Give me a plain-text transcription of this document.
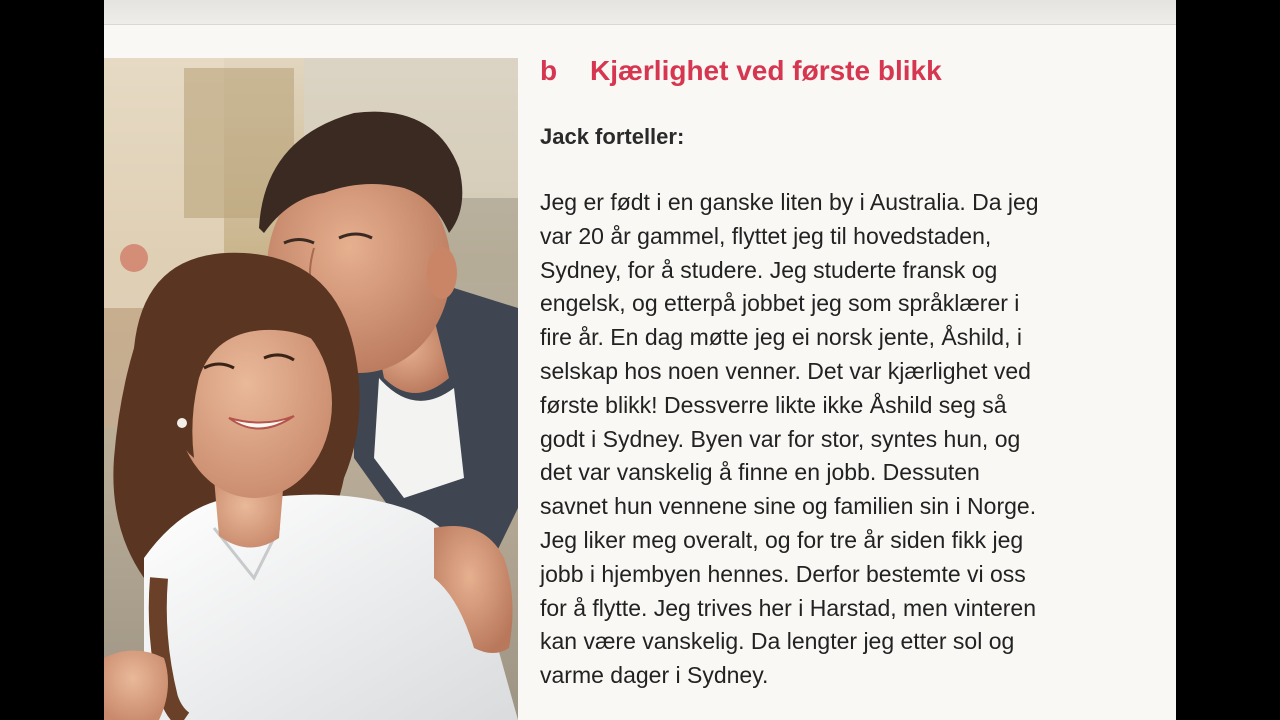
b Kjærlighet ved første blikk
Jack forteller:
Jeg er født i en ganske liten by i Australia. Da jeg
var 20 år gammel, flyttet jeg til hovedstaden,
Sydney, for å studere. Jeg studerte fransk og
engelsk, og etterpå jobbet jeg som språklærer i
fire år. En dag møtte jeg ei norsk jente, Åshild, i
selskap hos noen venner. Det var kjærlighet ved
første blikk! Dessverre likte ikke Åshild seg så
godt i Sydney. Byen var for stor, syntes hun, og
det var vanskelig å finne en jobb. Dessuten
savnet hun vennene sine og familien sin i Norge.
Jeg liker meg overalt, og for tre år siden fikk jeg
jobb i hjembyen hennes. Derfor bestemte vi oss
for å flytte. Jeg trives her i Harstad, men vinteren
kan være vanskelig. Da lengter jeg etter sol og
varme dager i Sydney.
